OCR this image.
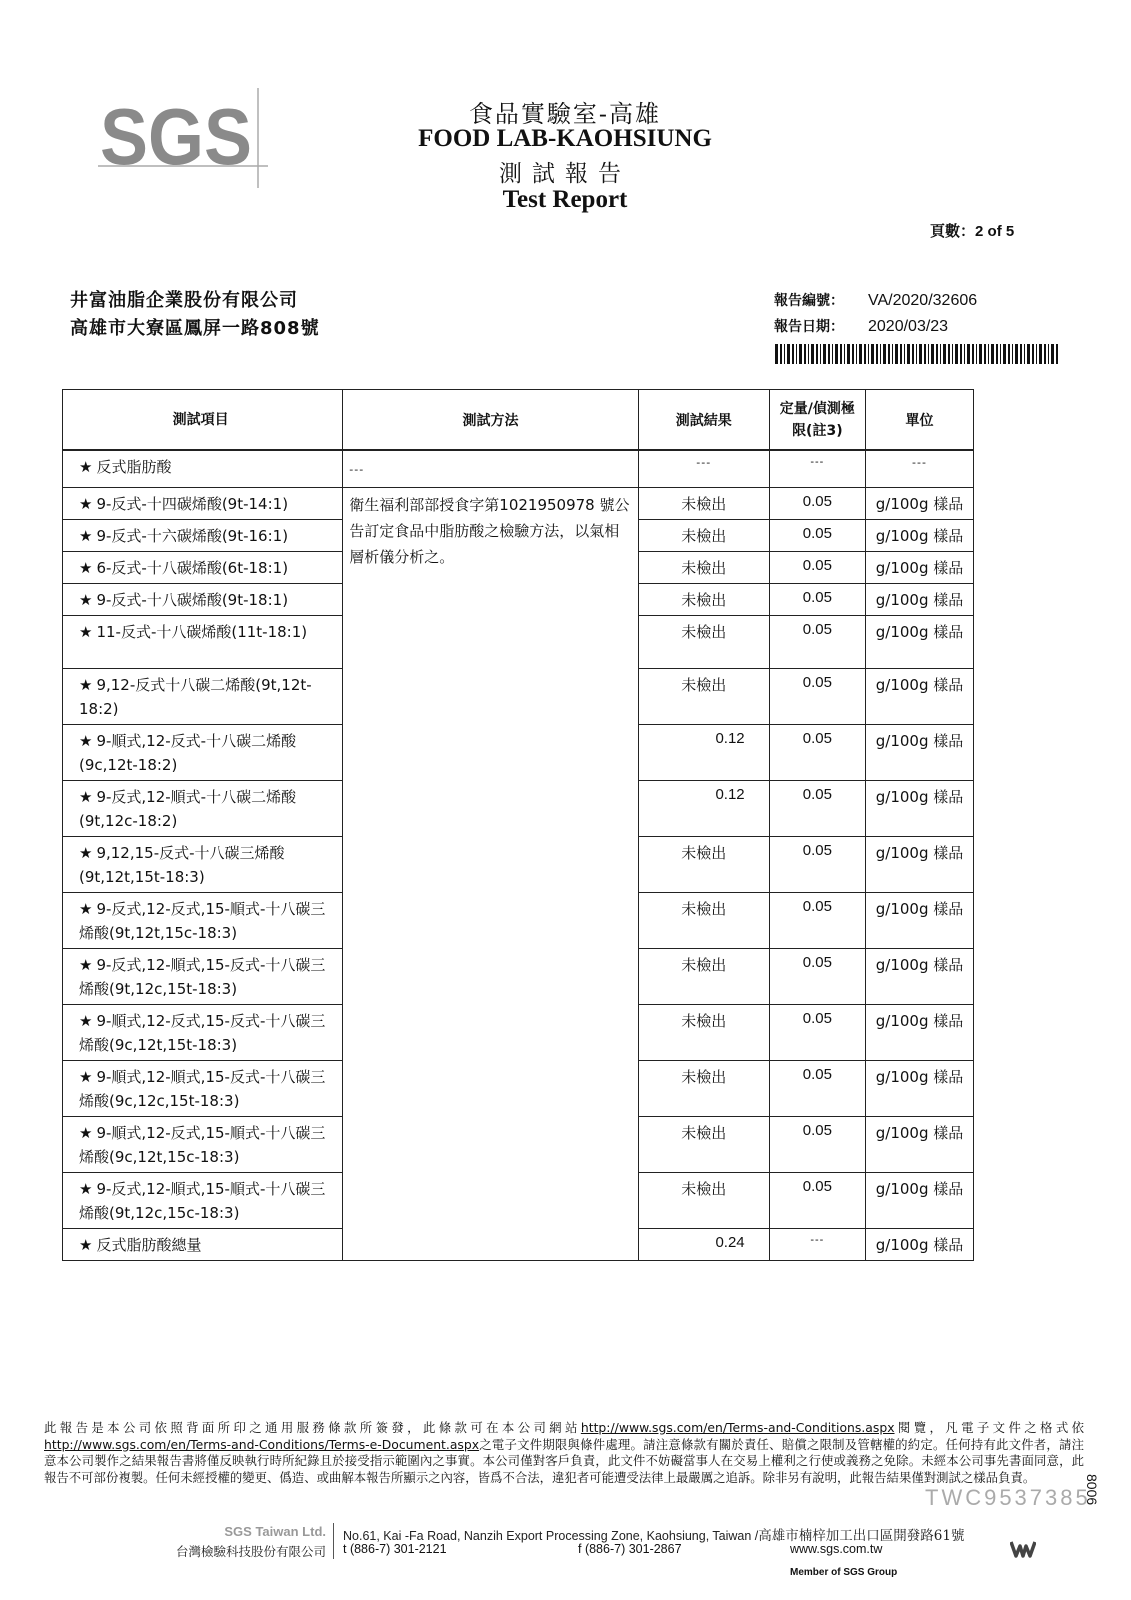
SGS	食品實驗室-高雄
FOOD LAB-KAOHSIUNG
測試報告
Test Report
頁數：2 of 5
井富油脂企業股份有限公司
高雄市大寮區鳳屏一路808號
報告編號： VA/2020/32606
報告日期： 2020/03/23
測試項目	測試方法	測試結果	定量/偵測極限(註3)	單位
★ 反式脂肪酸	---	---	---	---
★ 9-反式-十四碳烯酸(9t-14:1)	衛生福利部部授食字第1021950978 號公告訂定食品中脂肪酸之檢驗方法，以氣相層析儀分析之。	未檢出	0.05	g/100g 樣品
★ 9-反式-十六碳烯酸(9t-16:1)		未檢出	0.05	g/100g 樣品
★ 6-反式-十八碳烯酸(6t-18:1)		未檢出	0.05	g/100g 樣品
★ 9-反式-十八碳烯酸(9t-18:1)		未檢出	0.05	g/100g 樣品
★ 11-反式-十八碳烯酸(11t-18:1)		未檢出	0.05	g/100g 樣品
★ 9,12-反式十八碳二烯酸(9t,12t-18:2)		未檢出	0.05	g/100g 樣品
★ 9-順式,12-反式-十八碳二烯酸(9c,12t-18:2)		0.12	0.05	g/100g 樣品
★ 9-反式,12-順式-十八碳二烯酸(9t,12c-18:2)		0.12	0.05	g/100g 樣品
★ 9,12,15-反式-十八碳三烯酸(9t,12t,15t-18:3)		未檢出	0.05	g/100g 樣品
★ 9-反式,12-反式,15-順式-十八碳三烯酸(9t,12t,15c-18:3)		未檢出	0.05	g/100g 樣品
★ 9-反式,12-順式,15-反式-十八碳三烯酸(9t,12c,15t-18:3)		未檢出	0.05	g/100g 樣品
★ 9-順式,12-反式,15-反式-十八碳三烯酸(9c,12t,15t-18:3)		未檢出	0.05	g/100g 樣品
★ 9-順式,12-順式,15-反式-十八碳三烯酸(9c,12c,15t-18:3)		未檢出	0.05	g/100g 樣品
★ 9-順式,12-反式,15-順式-十八碳三烯酸(9c,12t,15c-18:3)		未檢出	0.05	g/100g 樣品
★ 9-反式,12-順式,15-順式-十八碳三烯酸(9t,12c,15c-18:3)		未檢出	0.05	g/100g 樣品
★ 反式脂肪酸總量		0.24	---	g/100g 樣品
此報告是本公司依照背面所印之通用服務條款所簽發，此條款可在本公司網站http://www.sgs.com/en/Terms-and-Conditions.aspx閱覽，凡電子文件之格式依http://www.sgs.com/en/Terms-and-Conditions/Terms-e-Document.aspx之電子文件期限與條件處理。請注意條款有關於責任、賠償之限制及管轄權的約定。任何持有此文件者，請注意本公司製作之結果報告書將僅反映執行時所紀錄且於接受指示範圍內之事實。本公司僅對客戶負責，此文件不妨礙當事人在交易上權利之行使或義務之免除。未經本公司事先書面同意，此報告不可部份複製。任何未經授權的變更、僞造、或曲解本報告所顯示之內容，皆爲不合法，違犯者可能遭受法律上最嚴厲之追訴。除非另有說明，此報告結果僅對測試之樣品負責。
TWC9537385
8006
SGS Taiwan Ltd.
台灣檢驗科技股份有限公司
No.61, Kai -Fa Road, Nanzih Export Processing Zone, Kaohsiung, Taiwan /高雄市楠梓加工出口區開發路61號
t (886-7) 301-2121	f (886-7) 301-2867	www.sgs.com.tw
Member of SGS Group
